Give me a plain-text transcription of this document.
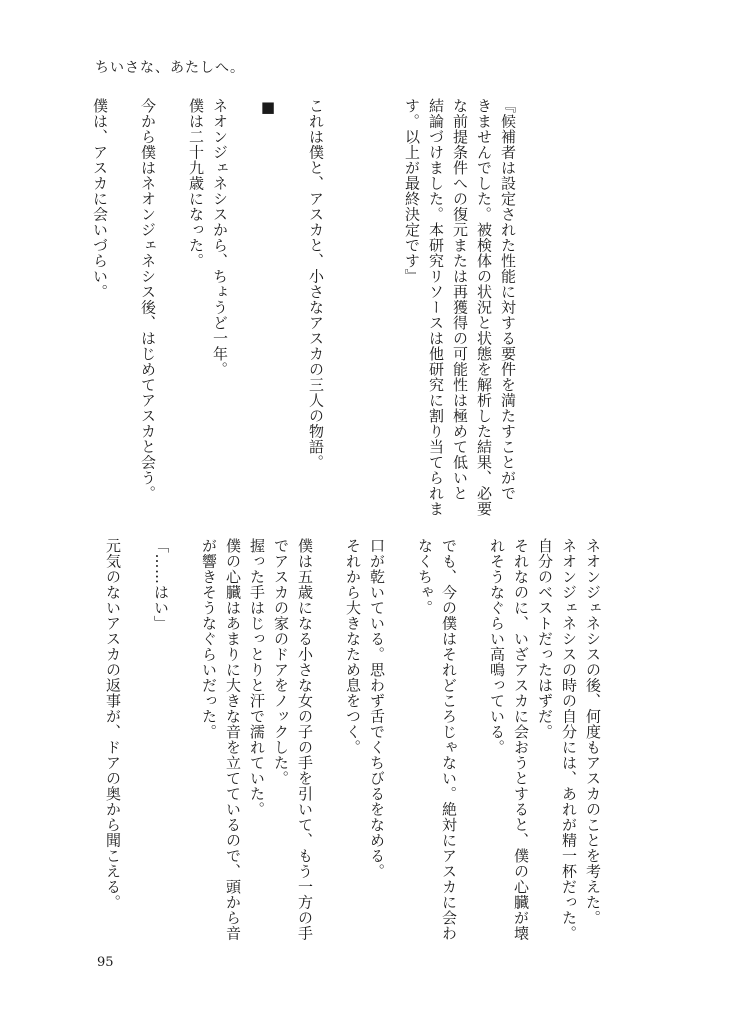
ちいさな、あたしへ。
『候補者は設定された性能に対する要件を満たすことがで
きませんでした。被検体の状況と状態を解析した結果、必要
な前提条件への復元または再獲得の可能性は極めて低いと
結論づけました。本研究リソースは他研究に割り当てられま
す。以上が最終決定です』
これは僕と、アスカと、小さなアスカの三人の物語。
■
ネオンジェネシスから、ちょうど一年。
僕は二十九歳になった。
今から僕はネオンジェネシス後、はじめてアスカと会う。
僕は、アスカに会いづらい。
ネオンジェネシスの後、何度もアスカのことを考えた。
ネオンジェネシスの時の自分には、あれが精一杯だった。
自分のベストだったはずだ。
それなのに、いざアスカに会おうとすると、僕の心臓が壊
れそうなぐらい高鳴っている。
でも、今の僕はそれどころじゃない。絶対にアスカに会わ
なくちゃ。
口が乾いている。思わず舌でくちびるをなめる。
それから大きなため息をつく。
僕は五歳になる小さな女の子の手を引いて、もう一方の手
でアスカの家のドアをノックした。
握った手はじっとりと汗で濡れていた。
僕の心臓はあまりに大きな音を立てているので、頭から音
が響きそうなぐらいだった。
「……はい」
元気のないアスカの返事が、ドアの奥から聞こえる。
95
